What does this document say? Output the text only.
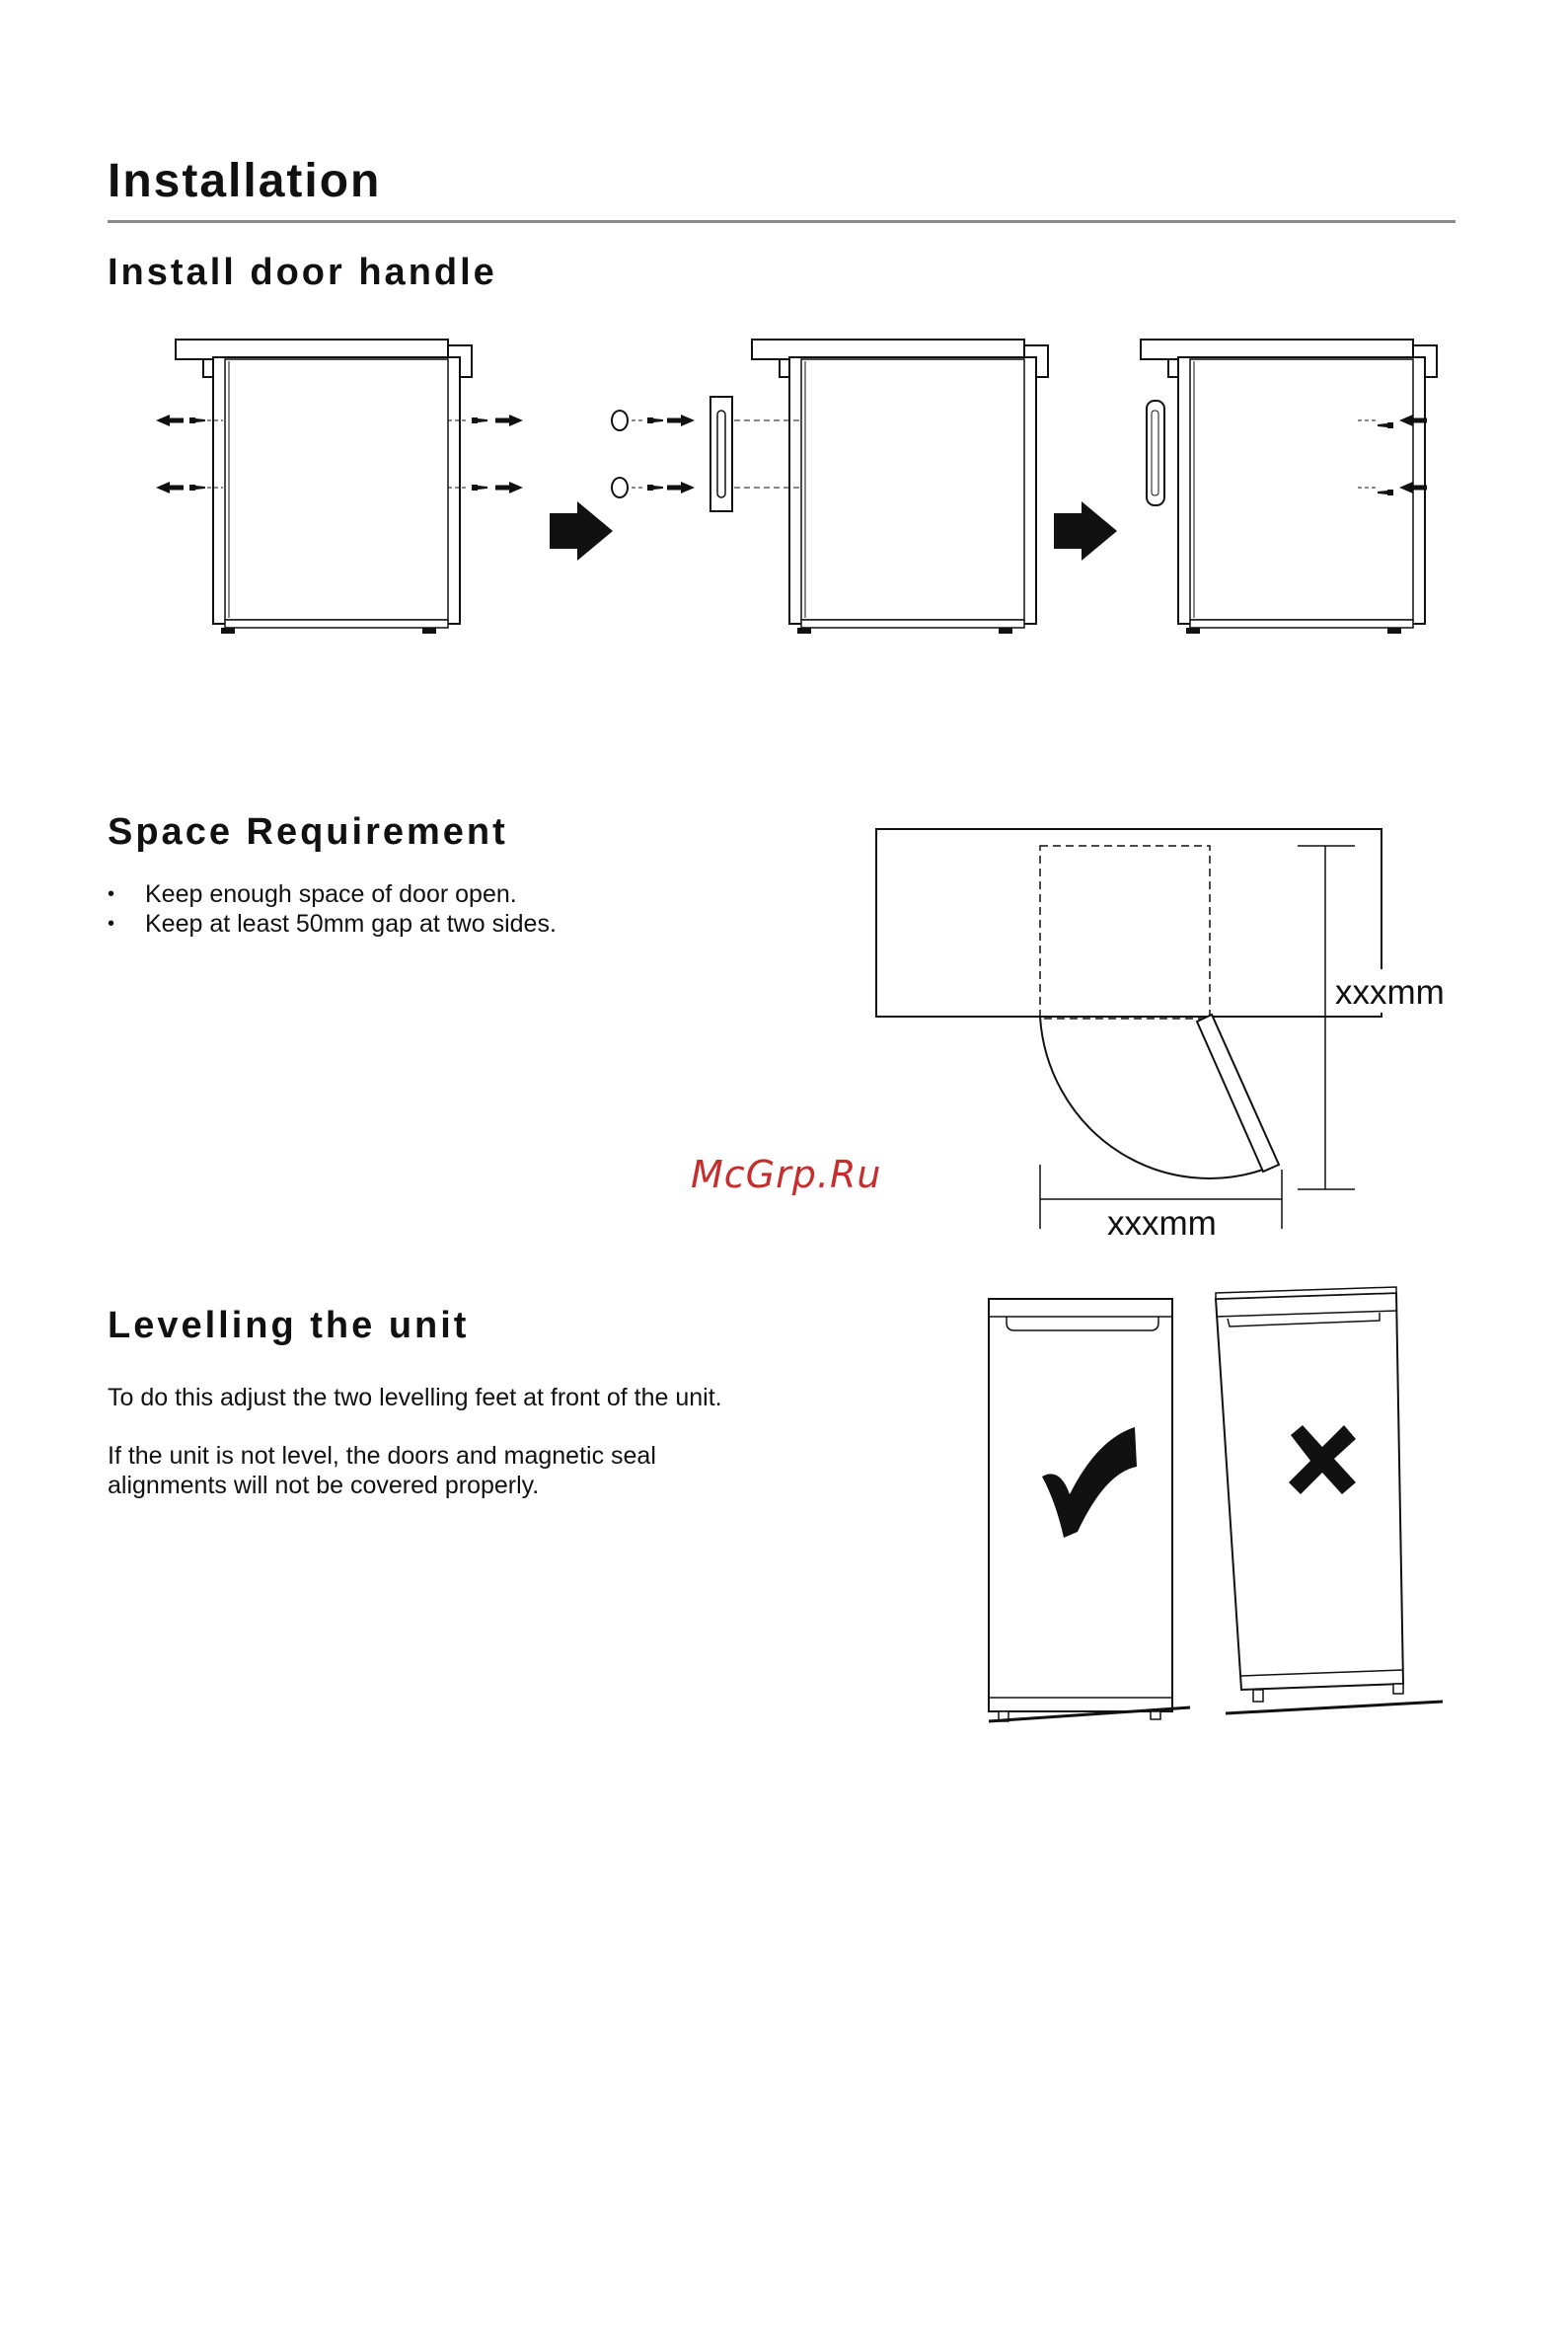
Installation
Install door handle
Space Requirement
• Keep enough space of door open.
• Keep at least 50mm gap at two sides.
xxxmm
xxxmm
McGrp.Ru
Levelling the unit

To do this adjust the two levelling feet at front of the unit.

If the unit is not level, the doors and magnetic seal

alignments will not be covered properly.
